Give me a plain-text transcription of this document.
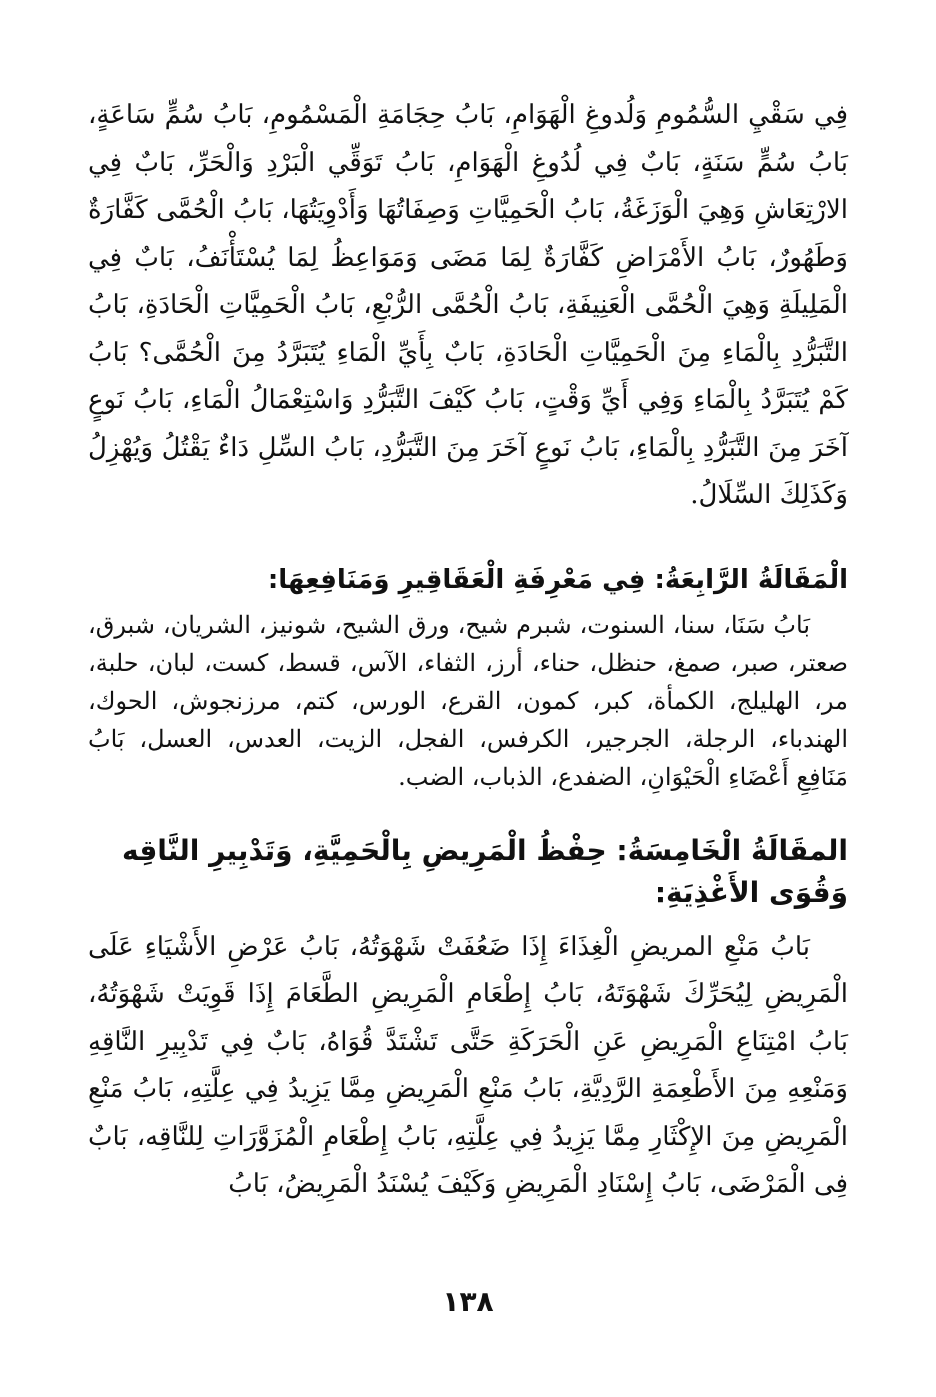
فِي سَقْيِ السُّمُومِ وَلُدوغِ الْهَوَامِ، بَابُ حِجَامَةِ الْمَسْمُومِ، بَابُ سُمٍّ سَاعَةٍ، بَابُ سُمٍّ سَنَةٍ، بَابٌ فِي لُدُوغِ الْهَوَامِ، بَابُ تَوَقِّي الْبَرْدِ وَالْحَرِّ، بَابٌ فِي الارْتِعَاشِ وَهِيَ الْوَزَغَةُ، بَابُ الْحَمِيَّاتِ وَصِفَاتُهَا وَأَدْوِيَتُهَا، بَابُ الْحُمَّى كَفَّارَةٌ وَطَهُورٌ، بَابُ الأَمْرَاضِ كَفَّارَةٌ لِمَا مَضَى وَمَوَاعِظُ لِمَا يُسْتَأْنَفُ، بَابٌ فِي الْمَلِيلَةِ وَهِيَ الْحُمَّى الْعَنِيفَةِ، بَابُ الْحُمَّى الرُّبْعِ، بَابُ الْحَمِيَّاتِ الْحَادَةِ، بَابُ التَّبَرُّدِ بِالْمَاءِ مِنَ الْحَمِيَّاتِ الْحَادَةِ، بَابٌ بِأَيِّ الْمَاءِ يُتَبَرَّدُ مِنَ الْحُمَّى؟ بَابُ كَمْ يُتَبَرَّدُ بِالْمَاءِ وَفِي أَيِّ وَقْتٍ، بَابُ كَيْفَ التَّبَرُّدِ وَاسْتِعْمَالُ الْمَاءِ، بَابُ نَوعٍ آخَرَ مِنَ التَّبَرُّدِ بِالْمَاءِ، بَابُ نَوعٍ آخَرَ مِنَ التَّبَرُّدِ، بَابُ السِّلِ دَاءٌ يَقْتُلُ وَيُهْزِلُ وَكَذَلِكَ السِّلَالُ.

الْمَقَالَةُ الرَّابِعَةُ: فِي مَعْرِفَةِ الْعَقَاقِيرِ وَمَنَافِعِهَا:

بَابُ سَنَا، سنا، السنوت، شبرم شيح، ورق الشيح، شونيز، الشريان، شبرق، صعتر، صبر، صمغ، حنظل، حناء، أرز، الثفاء، الآس، قسط، كست، لبان، حلبة، مر، الهليلج، الكمأة، كبر، كمون، القرع، الورس، كتم، مرزنجوش، الحوك، الهندباء، الرجلة، الجرجير، الكرفس، الفجل، الزيت، العدس، العسل، بَابُ مَنَافِعِ أَعْضَاءِ الْحَيْوَانِ، الضفدع، الذباب، الضب.

المقَالَةُ الْخَامِسَةُ: حِفْظُ الْمَرِيضِ بِالْحَمِيَّةِ، وَتَدْبِيرِ النَّاقِه وَقُوَى الأَغْذِيَةِ:

بَابُ مَنْعِ المريضِ الْغِذَاءَ إِذَا ضَعُفَتْ شَهْوَتُهُ، بَابُ عَرْضِ الأَشْيَاءِ عَلَى الْمَرِيضِ لِيُحَرِّكَ شَهْوَتَهُ، بَابُ إِطْعَامِ الْمَرِيضِ الطَّعَامَ إِذَا قَوِيَتْ شَهْوَتُهُ، بَابُ امْتِنَاعِ الْمَرِيضِ عَنِ الْحَرَكَةِ حَتَّى تَشْتَدَّ قُوَاهُ، بَابٌ فِي تَدْبِيرِ النَّاقِهِ وَمَنْعِهِ مِنَ الأَطْعِمَةِ الرَّدِيَّةِ، بَابُ مَنْعِ الْمَرِيضِ مِمَّا يَزِيدُ فِي عِلَّتِهِ، بَابُ مَنْعِ الْمَرِيضِ مِنَ الإِكْثَارِ مِمَّا يَزِيدُ فِي عِلَّتِهِ، بَابُ إِطْعَامِ الْمُزَوَّرَاتِ لِلنَّاقِه، بَابٌ فِى الْمَرْضَى، بَابُ إِسْنَادِ الْمَرِيضِ وَكَيْفَ يُسْنَدُ الْمَرِيضُ، بَابُ

١٣٨
